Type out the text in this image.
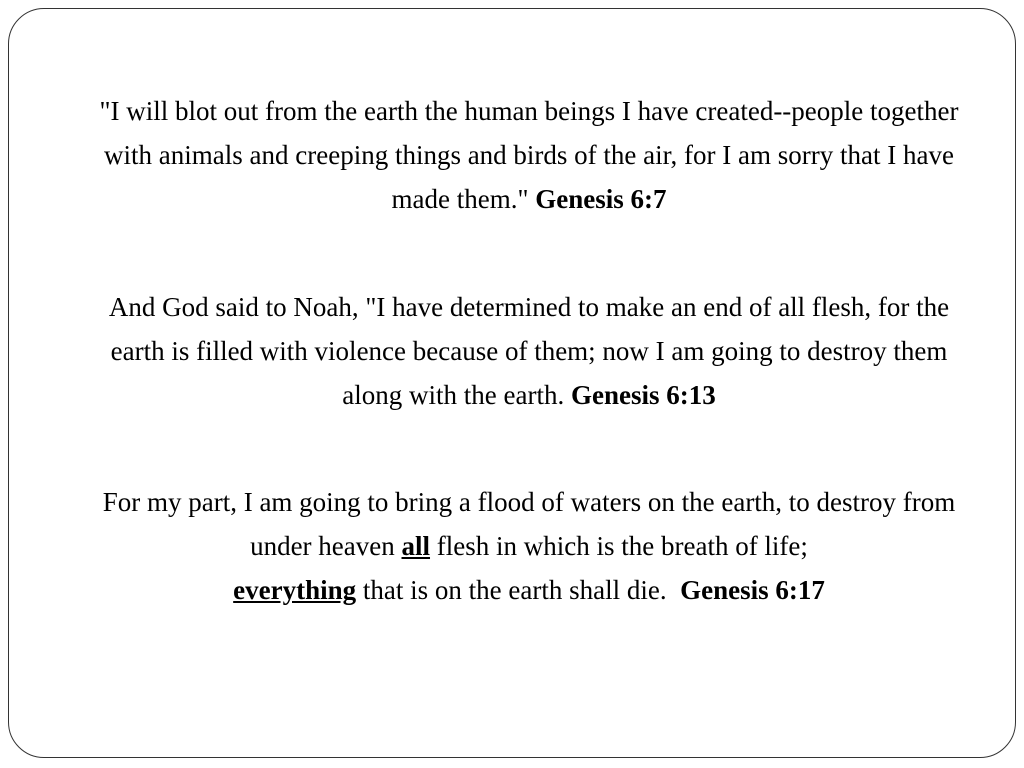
"I will blot out from the earth the human beings I have created--people together with animals and creeping things and birds of the air, for I am sorry that I have made them." Genesis 6:7

And God said to Noah, "I have determined to make an end of all flesh, for the earth is filled with violence because of them; now I am going to destroy them along with the earth. Genesis 6:13

For my part, I am going to bring a flood of waters on the earth, to destroy from under heaven all flesh in which is the breath of life;
everything that is on the earth shall die. Genesis 6:17
